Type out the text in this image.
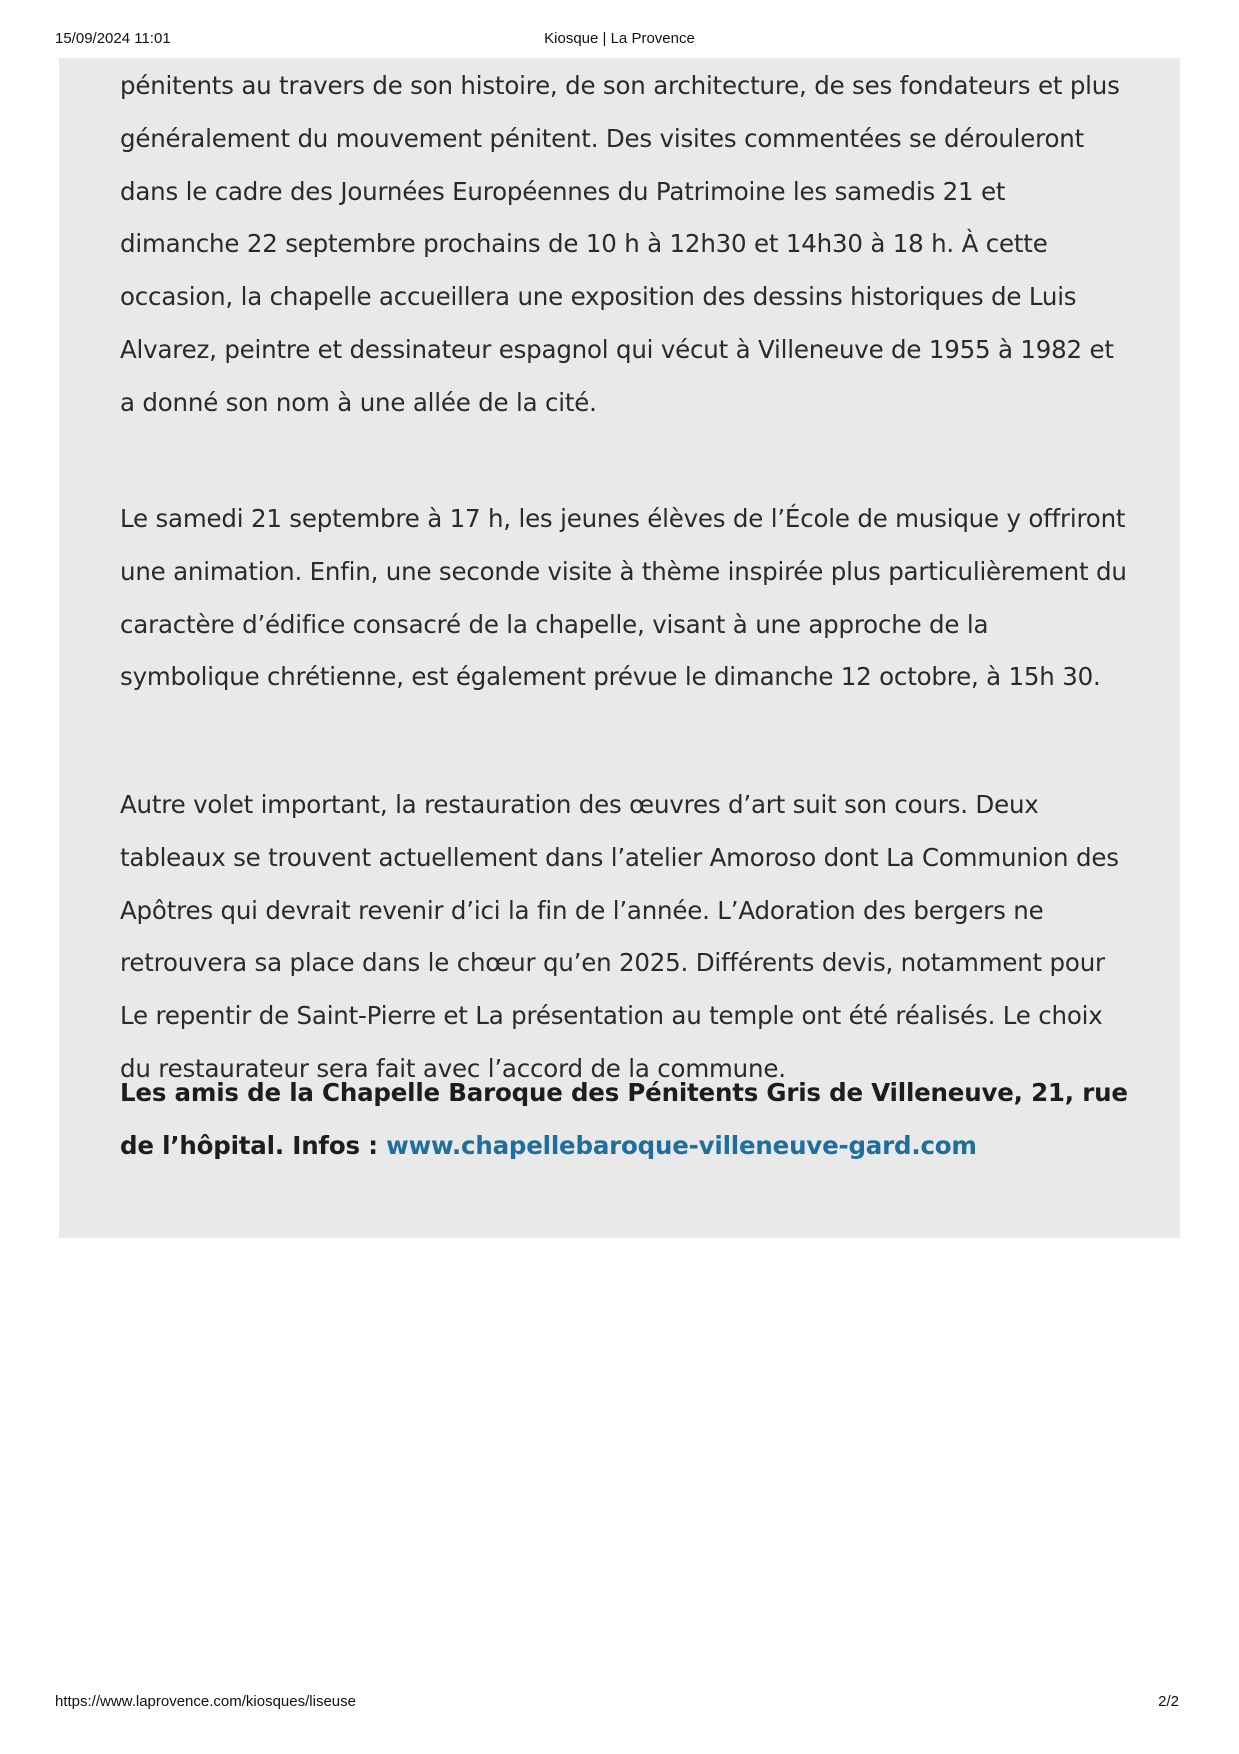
15/09/2024 11:01	Kiosque | La Provence

pénitents au travers de son histoire, de son architecture, de ses fondateurs et plus généralement du mouvement pénitent. Des visites commentées se dérouleront dans le cadre des Journées Européennes du Patrimoine les samedis 21 et dimanche 22 septembre prochains de 10 h à 12h30 et 14h30 à 18 h. À cette occasion, la chapelle accueillera une exposition des dessins historiques de Luis Alvarez, peintre et dessinateur espagnol qui vécut à Villeneuve de 1955 à 1982 et a donné son nom à une allée de la cité.

Le samedi 21 septembre à 17 h, les jeunes élèves de l’École de musique y offriront une animation. Enfin, une seconde visite à thème inspirée plus particulièrement du caractère d’édifice consacré de la chapelle, visant à une approche de la symbolique chrétienne, est également prévue le dimanche 12 octobre, à 15h 30.

Autre volet important, la restauration des œuvres d’art suit son cours. Deux tableaux se trouvent actuellement dans l’atelier Amoroso dont La Communion des Apôtres qui devrait revenir d’ici la fin de l’année. L’Adoration des bergers ne retrouvera sa place dans le chœur qu’en 2025. Différents devis, notamment pour Le repentir de Saint-Pierre et La présentation au temple ont été réalisés. Le choix du restaurateur sera fait avec l’accord de la commune.

Les amis de la Chapelle Baroque des Pénitents Gris de Villeneuve, 21, rue de l’hôpital. Infos : www.chapellebaroque-villeneuve-gard.com

https://www.laprovence.com/kiosques/liseuse	2/2
